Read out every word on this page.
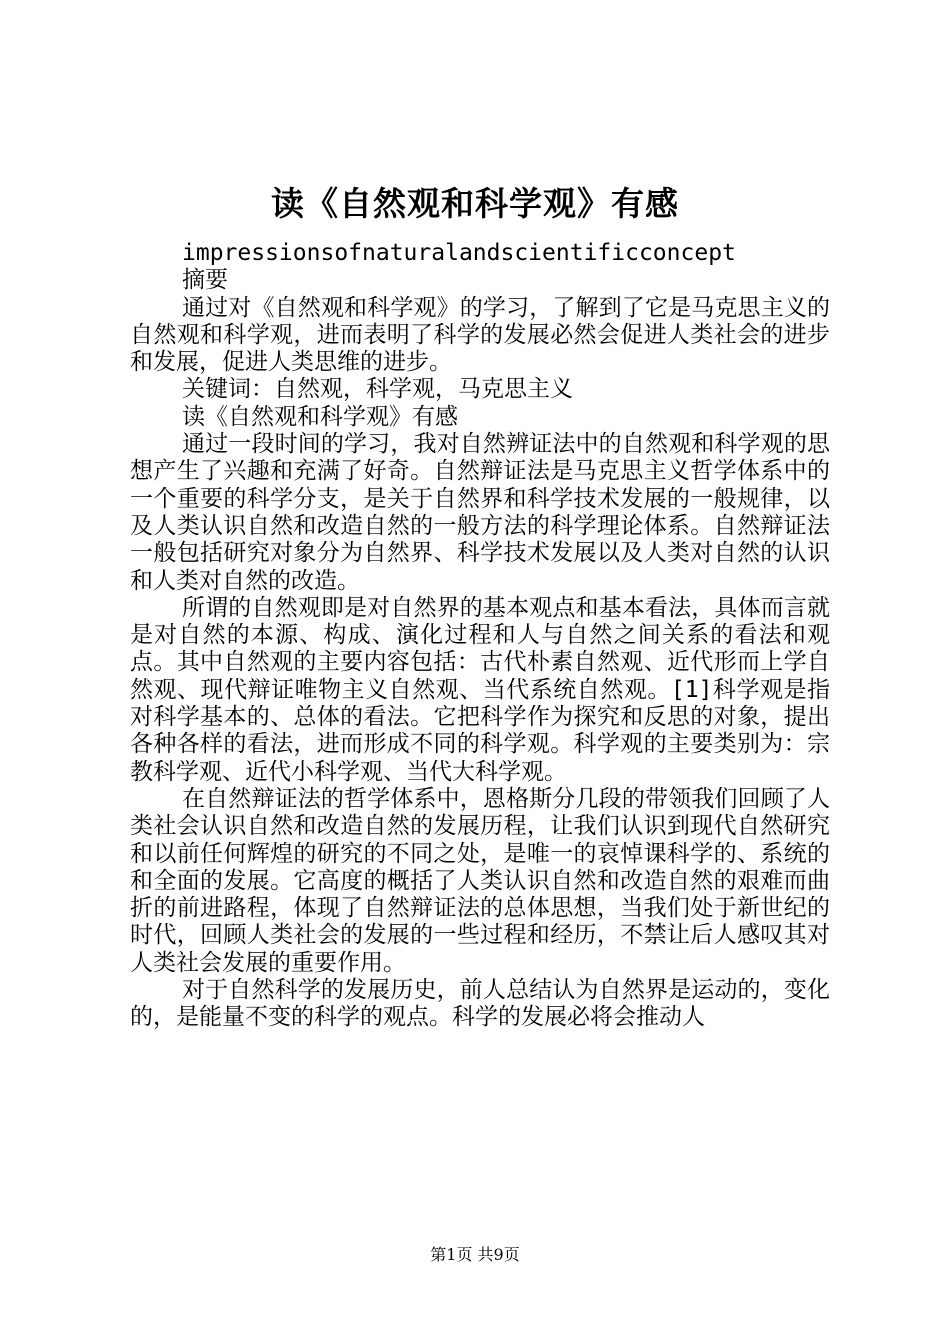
读《自然观和科学观》有感

impressionsofnaturalandscientificconcept

摘要

通过对《自然观和科学观》的学习，了解到了它是马克思主义的自然观和科学观，进而表明了科学的发展必然会促进人类社会的进步和发展，促进人类思维的进步。

关键词：自然观，科学观，马克思主义

读《自然观和科学观》有感

通过一段时间的学习，我对自然辨证法中的自然观和科学观的思想产生了兴趣和充满了好奇。自然辩证法是马克思主义哲学体系中的一个重要的科学分支，是关于自然界和科学技术发展的一般规律，以及人类认识自然和改造自然的一般方法的科学理论体系。自然辩证法一般包括研究对象分为自然界、科学技术发展以及人类对自然的认识和人类对自然的改造。

所谓的自然观即是对自然界的基本观点和基本看法，具体而言就是对自然的本源、构成、演化过程和人与自然之间关系的看法和观点。其中自然观的主要内容包括：古代朴素自然观、近代形而上学自然观、现代辩证唯物主义自然观、当代系统自然观。[1]科学观是指对科学基本的、总体的看法。它把科学作为探究和反思的对象，提出各种各样的看法，进而形成不同的科学观。科学观的主要类别为：宗教科学观、近代小科学观、当代大科学观。

在自然辩证法的哲学体系中，恩格斯分几段的带领我们回顾了人类社会认识自然和改造自然的发展历程，让我们认识到现代自然研究和以前任何辉煌的研究的不同之处，是唯一的哀悼课科学的、系统的和全面的发展。它高度的概括了人类认识自然和改造自然的艰难而曲折的前进路程，体现了自然辩证法的总体思想，当我们处于新世纪的时代，回顾人类社会的发展的一些过程和经历，不禁让后人感叹其对人类社会发展的重要作用。

对于自然科学的发展历史，前人总结认为自然界是运动的，变化的，是能量不变的科学的观点。科学的发展必将会推动人

第1页 共9页
